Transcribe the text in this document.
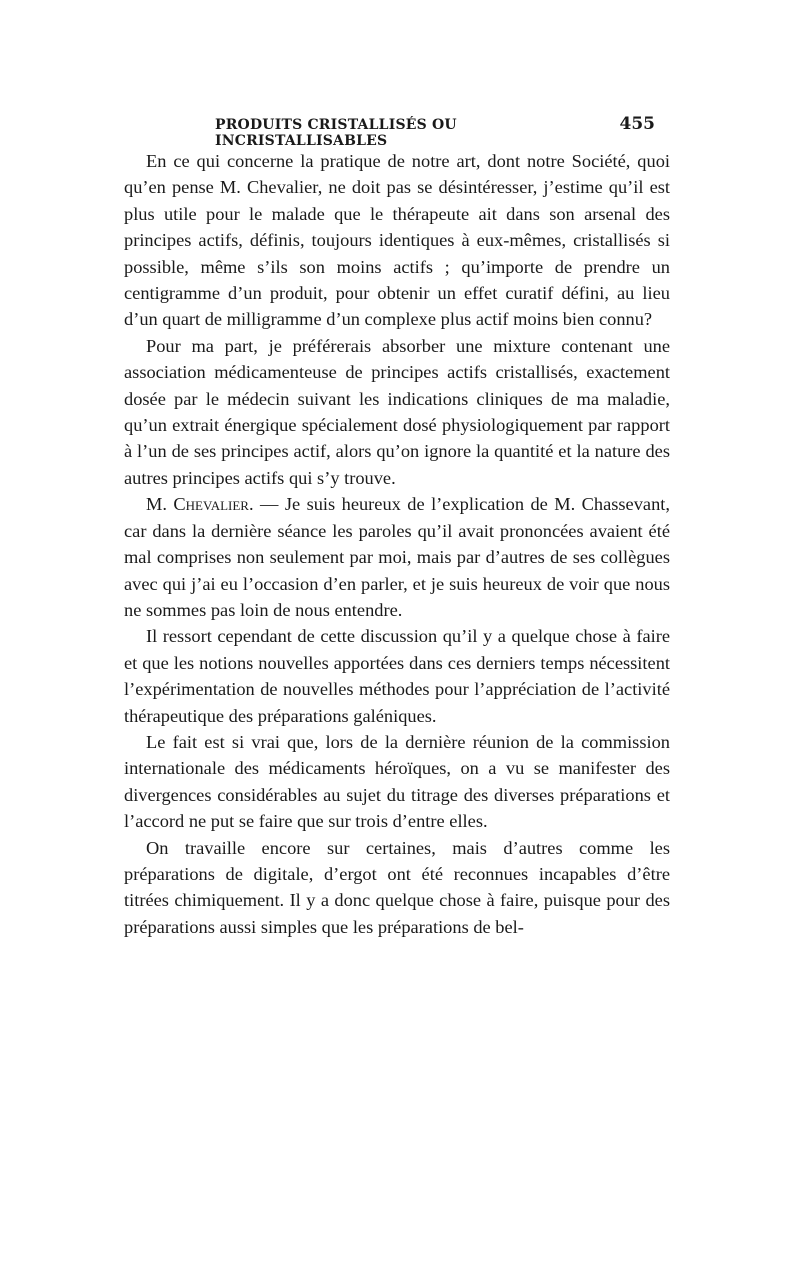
PRODUITS CRISTALLISÉS OU INCRISTALLISABLES
455

En ce qui concerne la pratique de notre art, dont notre Société, quoi qu’en pense M. Chevalier, ne doit pas se désintéresser, j’estime qu’il est plus utile pour le malade que le thérapeute ait dans son arsenal des principes actifs, définis, toujours identiques à eux-mêmes, cristallisés si possible, même s’ils son moins actifs ; qu’importe de prendre un centigramme d’un produit, pour obtenir un effet curatif défini, au lieu d’un quart de milligramme d’un complexe plus actif moins bien connu?

Pour ma part, je préférerais absorber une mixture contenant une association médicamenteuse de principes actifs cristallisés, exactement dosée par le médecin suivant les indications cliniques de ma maladie, qu’un extrait énergique spécialement dosé physiologiquement par rapport à l’un de ses principes actif, alors qu’on ignore la quantité et la nature des autres principes actifs qui s’y trouve.

M. Chevalier. — Je suis heureux de l’explication de M. Chassevant, car dans la dernière séance les paroles qu’il avait prononcées avaient été mal comprises non seulement par moi, mais par d’autres de ses collègues avec qui j’ai eu l’occasion d’en parler, et je suis heureux de voir que nous ne sommes pas loin de nous entendre.

Il ressort cependant de cette discussion qu’il y a quelque chose à faire et que les notions nouvelles apportées dans ces derniers temps nécessitent l’expérimentation de nouvelles méthodes pour l’appréciation de l’activité thérapeutique des préparations galéniques.

Le fait est si vrai que, lors de la dernière réunion de la commission internationale des médicaments héroïques, on a vu se manifester des divergences considérables au sujet du titrage des diverses préparations et l’accord ne put se faire que sur trois d’entre elles.

On travaille encore sur certaines, mais d’autres comme les préparations de digitale, d’ergot ont été reconnues incapables d’être titrées chimiquement. Il y a donc quelque chose à faire, puisque pour des préparations aussi simples que les préparations de bel-
